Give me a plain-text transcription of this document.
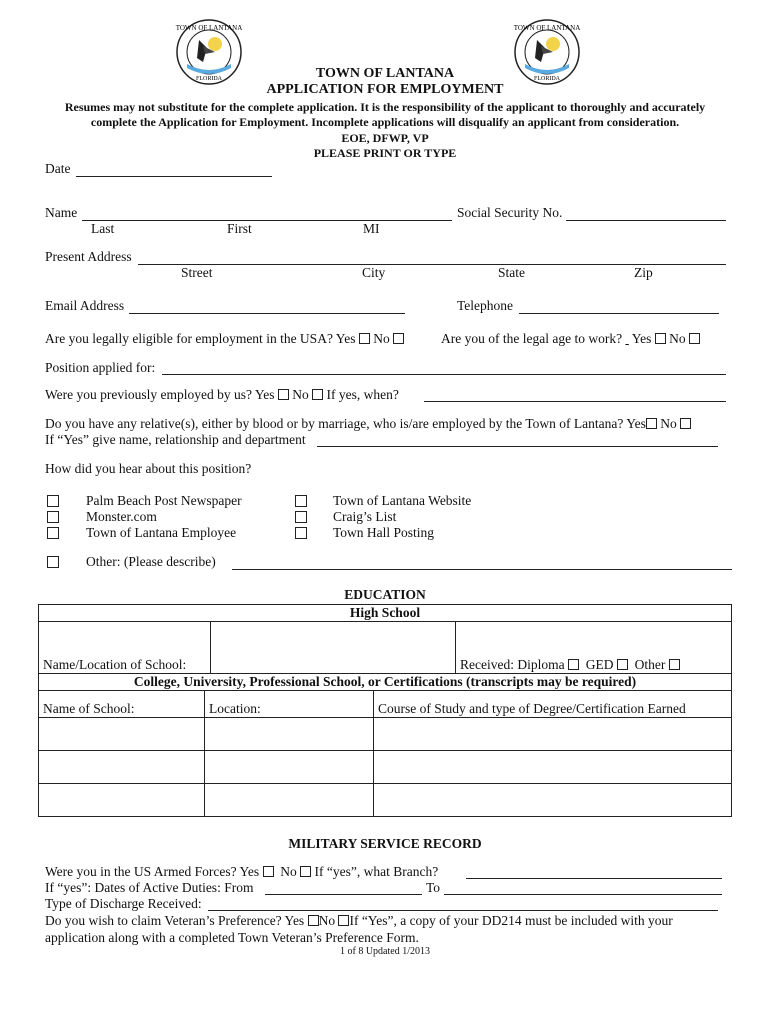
TOWN OF LANTANA
FLORIDA
TOWN OF LANTANA
FLORIDA
TOWN OF LANTANA
APPLICATION FOR EMPLOYMENT
Resumes may not substitute for the complete application. It is the responsibility of the applicant to thoroughly and accurately
complete the Application for Employment. Incomplete applications will disqualify an applicant from consideration.
EOE, DFWP, VP
PLEASE PRINT OR TYPE
Date
Name	Social Security No.
Last	First	MI
Present Address
Street	City	State	Zip
Email Address	Telephone
Are you legally eligible for employment in the USA? Yes No	Are you of the legal age to work? Yes No
Position applied for:
Were you previously employed by us? Yes No If yes, when?
Do you have any relative(s), either by blood or by marriage, who is/are employed by the Town of Lantana? Yes No
If “Yes” give name, relationship and department
How did you hear about this position?
Palm Beach Post Newspaper
Monster.com
Town of Lantana Employee
Town of Lantana Website
Craig’s List
Town Hall Posting
Other: (Please describe)
EDUCATION
High School
Name/Location of School:		Received: Diploma GED Other
College, University, Professional School, or Certifications (transcripts may be required)
Name of School:	Location:	Course of Study and type of Degree/Certification Earned

MILITARY SERVICE RECORD
Were you in the US Armed Forces? Yes No If “yes”, what Branch?
If “yes”: Dates of Active Duties: From	To
Type of Discharge Received:
Do you wish to claim Veteran’s Preference? Yes No If “Yes”, a copy of your DD214 must be included with your
application along with a completed Town Veteran’s Preference Form.
1 of 8 Updated 1/2013
